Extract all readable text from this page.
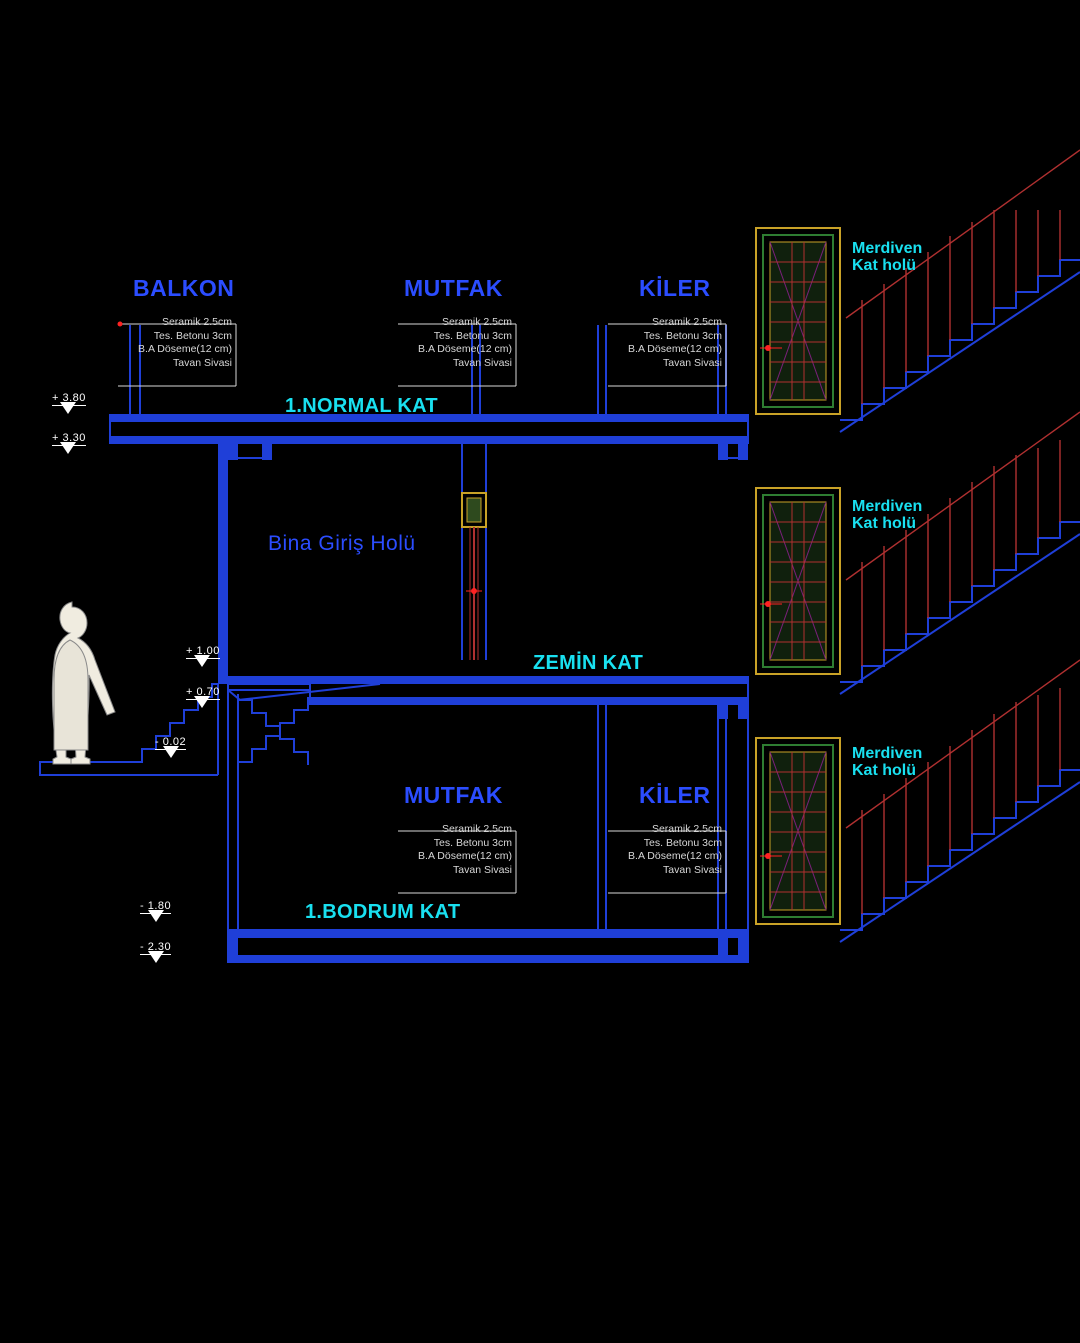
BALKON	MUTFAK	KİLER
MUTFAK	KİLER
1.NORMAL KAT
ZEMİN KAT
1.BODRUM KAT
Bina Giriş Holü
Merdiven
Kat holü
Merdiven
Kat holü
Merdiven
Kat holü
Seramik 2.5cm
Tes. Betonu 3cm
B.A Döseme(12 cm)
Tavan Sivasi
Seramik 2.5cm
Tes. Betonu 3cm
B.A Döseme(12 cm)
Tavan Sivasi
Seramik 2.5cm
Tes. Betonu 3cm
B.A Döseme(12 cm)
Tavan Sivasi
Seramik 2.5cm
Tes. Betonu 3cm
B.A Döseme(12 cm)
Tavan Sivasi
Seramik 2.5cm
Tes. Betonu 3cm
B.A Döseme(12 cm)
Tavan Sivasi
+ 3.80
+ 3.30
+ 1.00
+ 0.70
- 0.02
- 1.80
- 2.30
